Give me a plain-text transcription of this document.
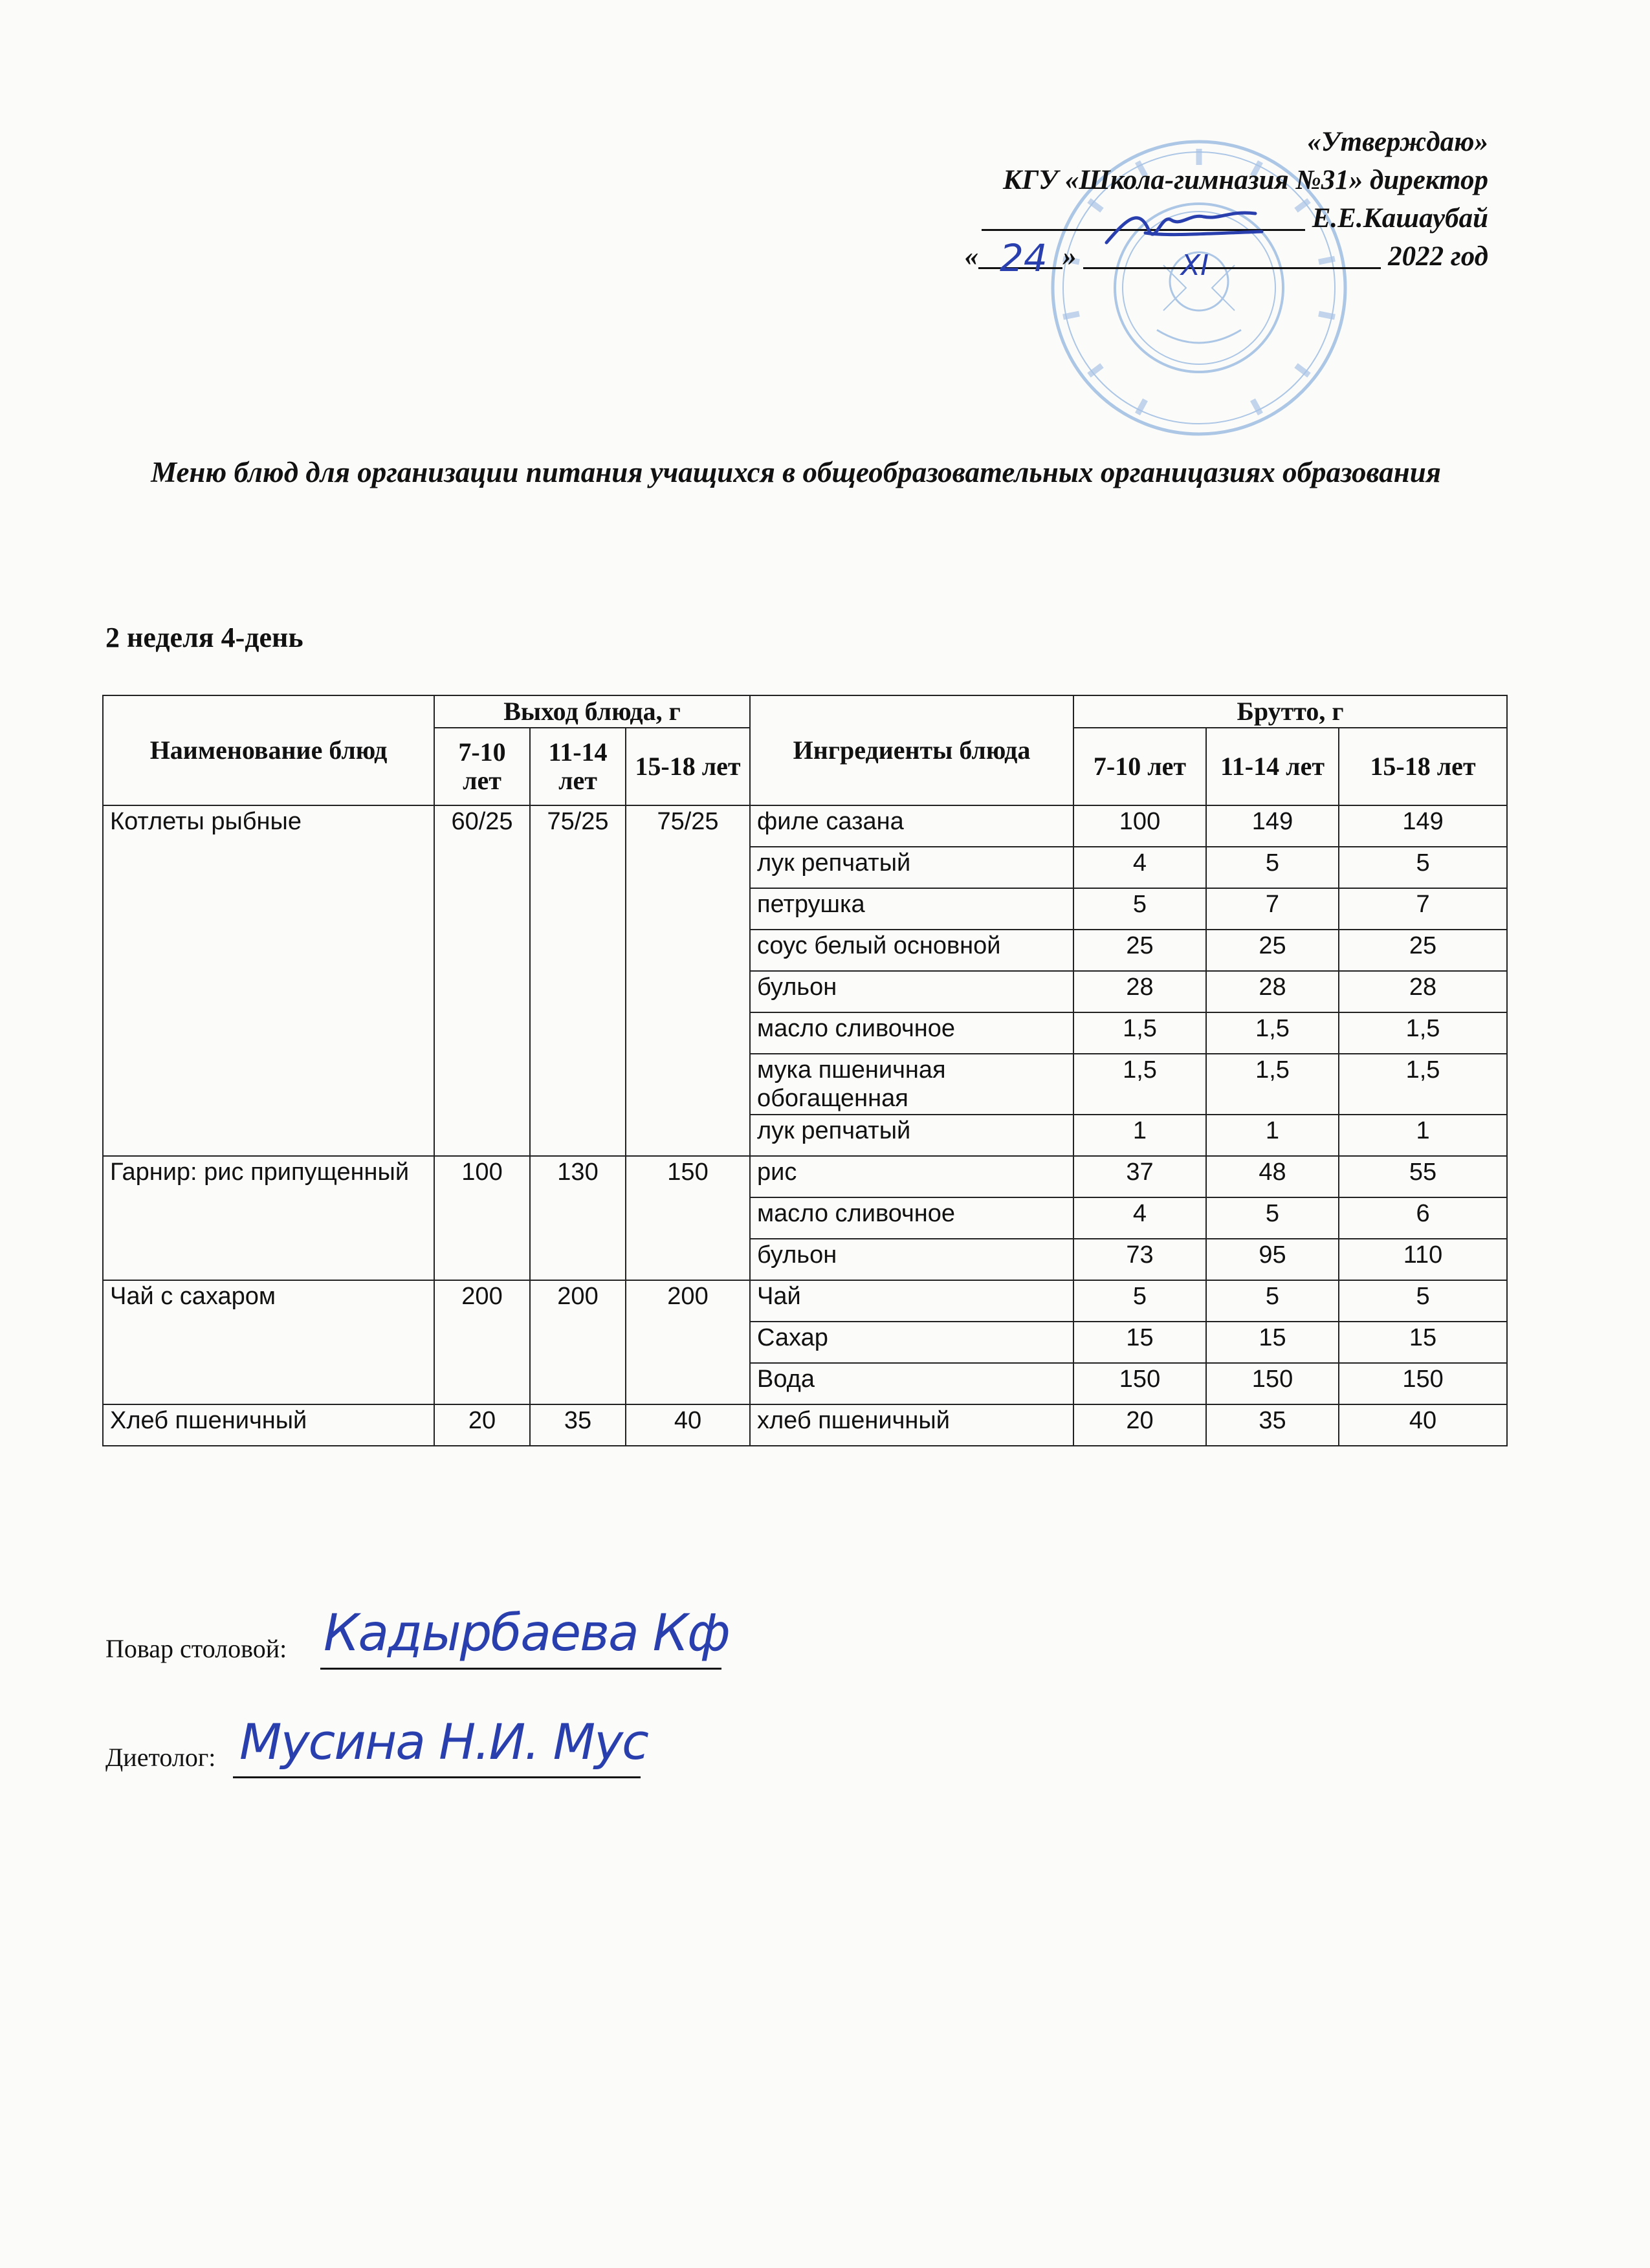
«Утверждаю»
КГУ «Школа-гимназия №31» директор
Е.Е.Кашаубай
«	»	2022 год
24	XI
Меню блюд для организации питания учащихся в общеобразовательных органицазиях образования
2 неделя 4-день
Наименование блюд	Выход блюда, г			Ингредиенты блюда	Брутто, г		
	7-10 лет	11-14 лет	15-18 лет		7-10 лет	11-14 лет	15-18 лет
Котлеты рыбные	60/25	75/25	75/25	филе сазана	100	149	149
				лук репчатый	4	5	5
				петрушка	5	7	7
				соус белый основной	25	25	25
				бульон	28	28	28
				масло сливочное	1,5	1,5	1,5
				мука пшеничная обогащенная	1,5	1,5	1,5
				лук репчатый	1	1	1
Гарнир: рис припущенный	100	130	150	рис	37	48	55
				масло сливочное	4	5	6
				бульон	73	95	110
Чай с сахаром	200	200	200	Чай	5	5	5
				Сахар	15	15	15
				Вода	150	150	150
Хлеб пшеничный	20	35	40	хлеб пшеничный	20	35	40
Повар столовой: Кадырбаева Кф
Диетолог: Мусина Н.И. Мус
